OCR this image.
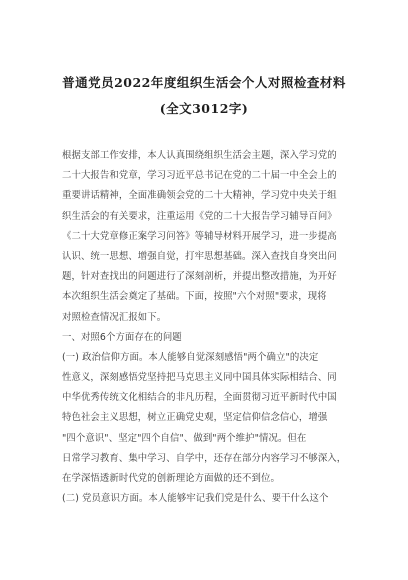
普通党员2022年度组织生活会个人对照检查材料
(全文3012字)
根据支部工作安排，本人认真围绕组织生活会主题，深入学习党的
二十大报告和党章，学习习近平总书记在党的二十届一中全会上的
重要讲话精神，全面准确领会党的二十大精神，学习党中央关于组
织生活会的有关要求，注重运用《党的二十大报告学习辅导百问》
《二十大党章修正案学习问答》等辅导材料开展学习，进一步提高
认识、统一思想、增强自觉，打牢思想基础。深入查找自身突出问
题，针对查找出的问题进行了深刻剖析，并提出整改措施，为开好
本次组织生活会奠定了基础。下面，按照"六个对照"要求，现将
对照检查情况汇报如下。
一、对照6个方面存在的问题
(一) 政治信仰方面。本人能够自觉深刻感悟"两个确立"的决定
性意义，深刻感悟党坚持把马克思主义同中国具体实际相结合、同
中华优秀传统文化相结合的非凡历程，全面贯彻习近平新时代中国
特色社会主义思想，树立正确党史观，坚定信仰信念信心，增强
"四个意识"、坚定"四个自信"、做到"两个维护"情况。但在
日常学习教育、集中学习、自学中，还存在部分内容学习不够深入，
在学深悟透新时代党的创新理论方面做的还不到位。
(二) 党员意识方面。本人能够牢记我们党是什么、要干什么这个
